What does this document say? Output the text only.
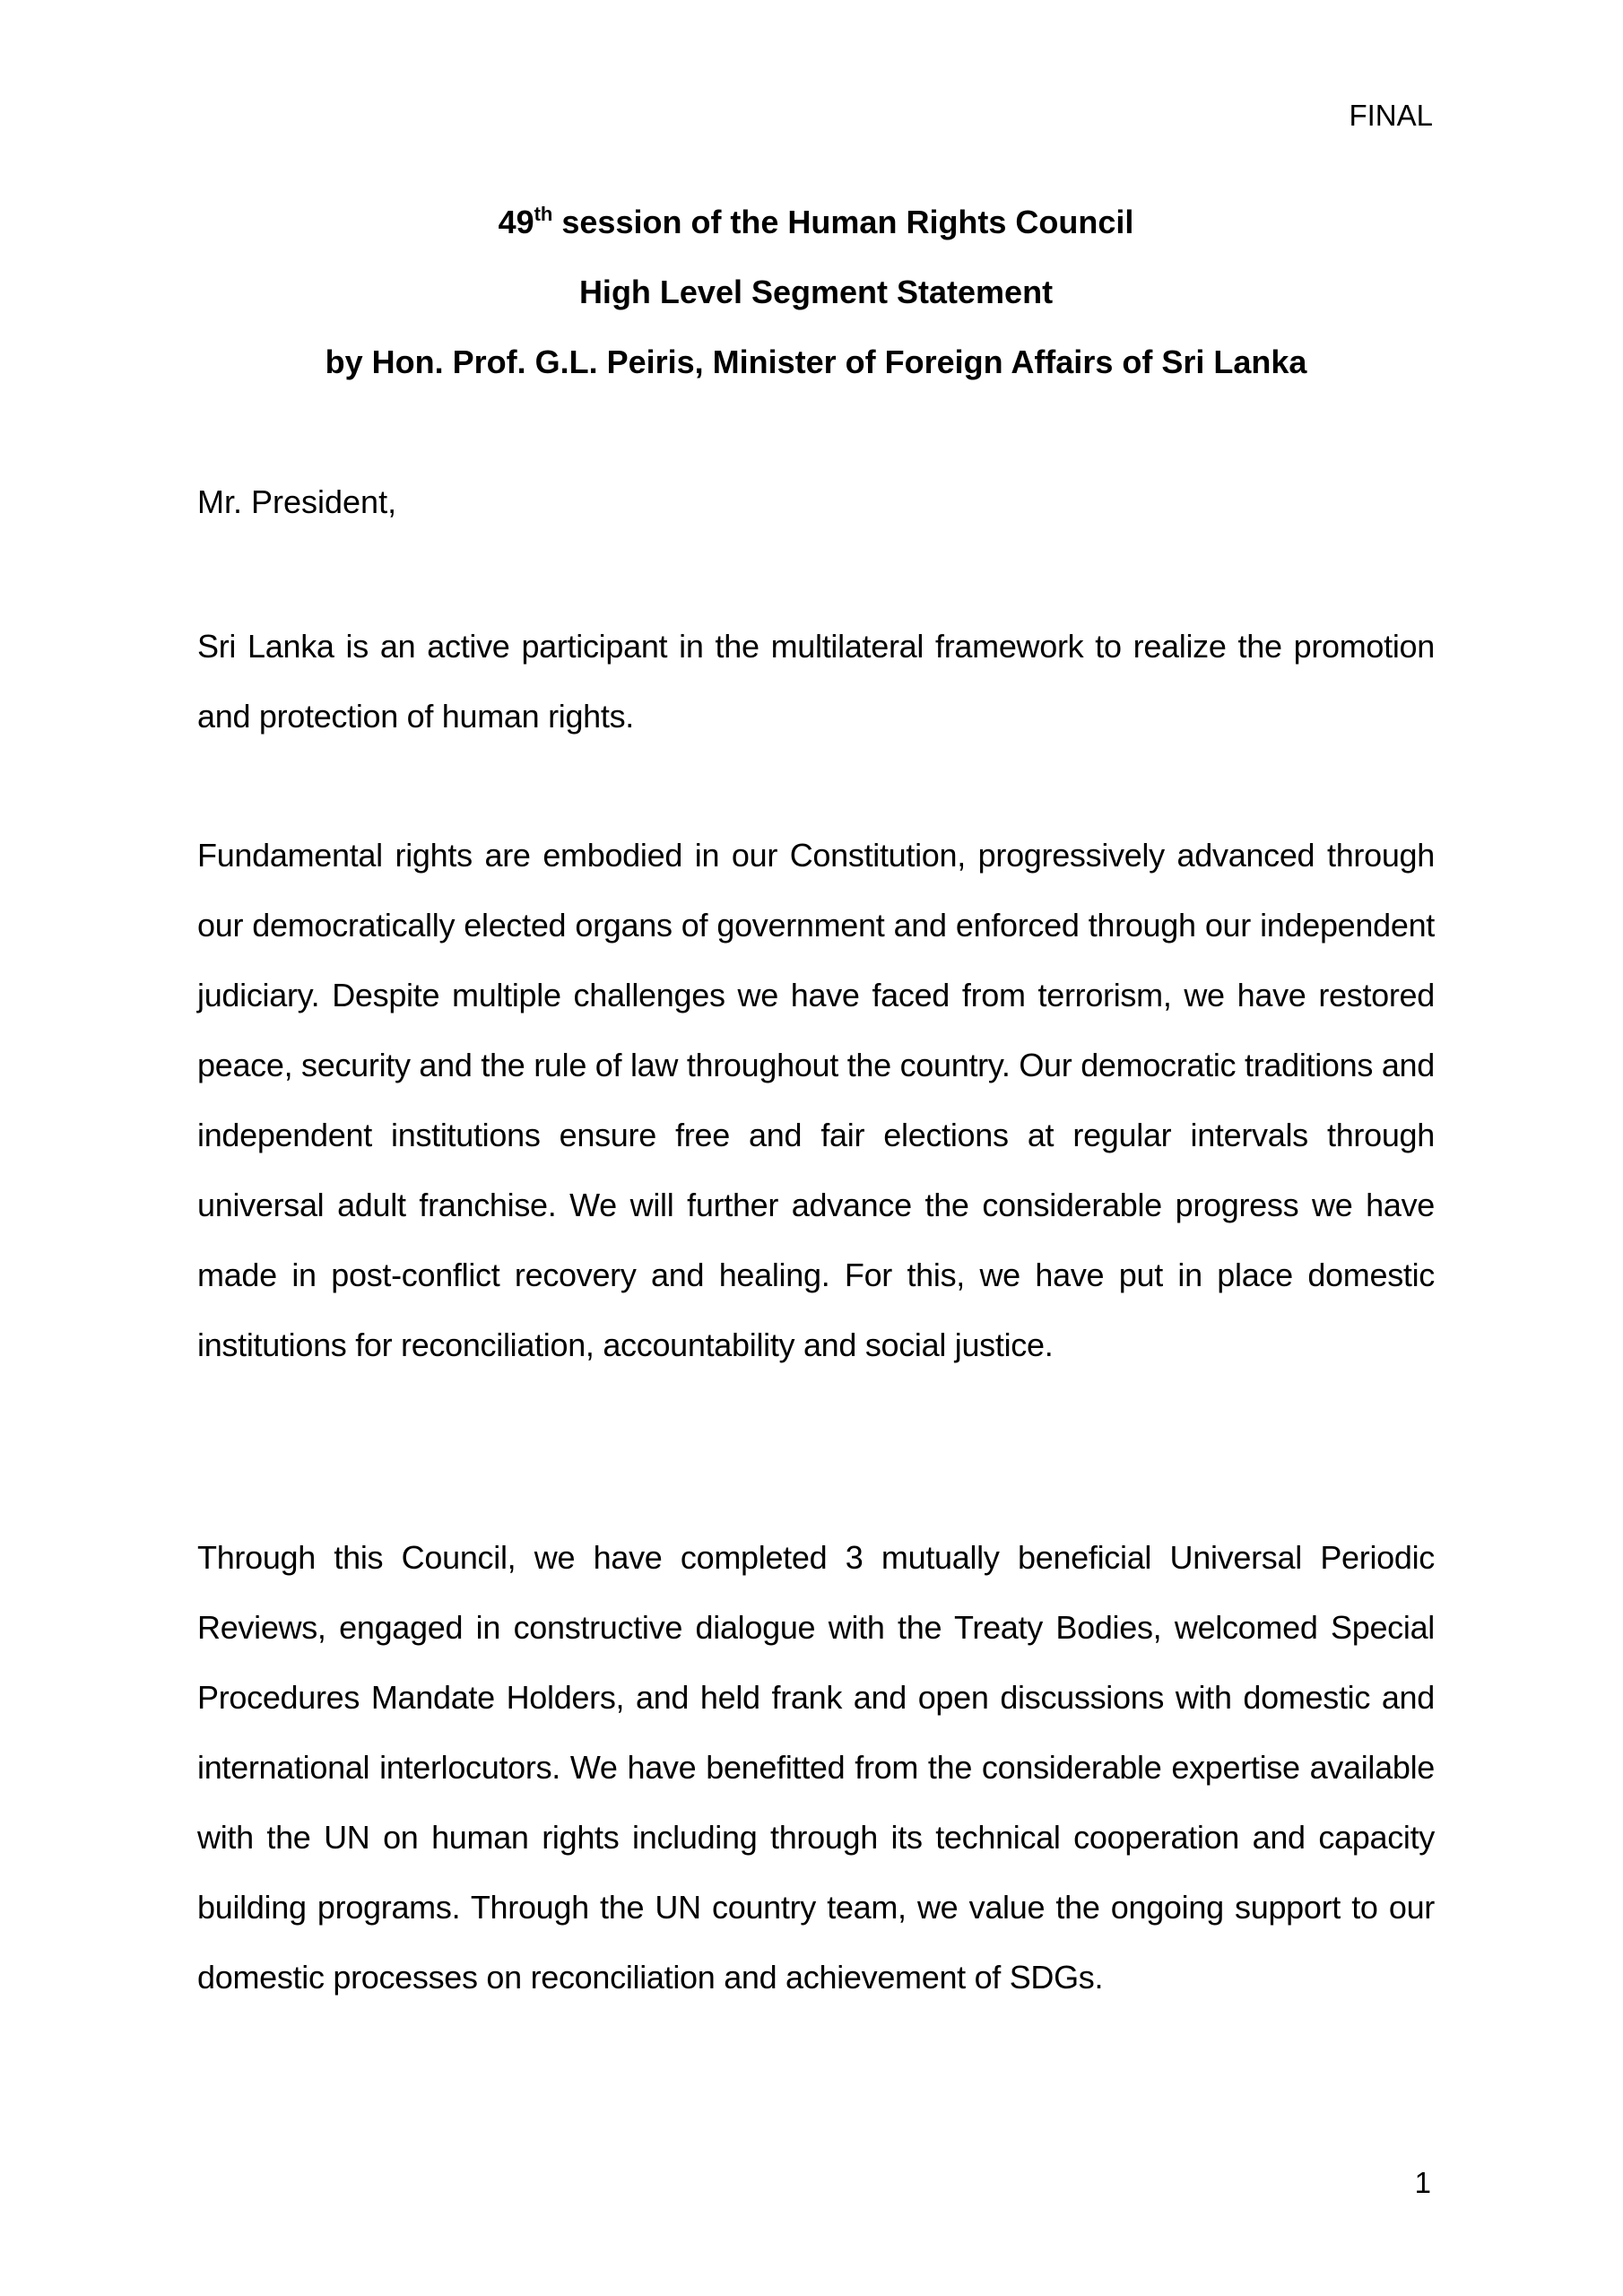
FINAL
49th session of the Human Rights Council
High Level Segment Statement
by Hon. Prof. G.L. Peiris, Minister of Foreign Affairs of Sri Lanka
Mr. President,

Sri Lanka is an active participant in the multilateral framework to realize the promotion and protection of human rights.

Fundamental rights are embodied in our Constitution, progressively advanced through our democratically elected organs of government and enforced through our independent judiciary. Despite multiple challenges we have faced from terrorism, we have restored peace, security and the rule of law throughout the country. Our democratic traditions and independent institutions ensure free and fair elections at regular intervals through universal adult franchise. We will further advance the considerable progress we have made in post-conflict recovery and healing. For this, we have put in place domestic institutions for reconciliation, accountability and social justice.

Through this Council, we have completed 3 mutually beneficial Universal Periodic Reviews, engaged in constructive dialogue with the Treaty Bodies, welcomed Special Procedures Mandate Holders, and held frank and open discussions with domestic and international interlocutors. We have benefitted from the considerable expertise available with the UN on human rights including through its technical cooperation and capacity building programs. Through the UN country team, we value the ongoing support to our domestic processes on reconciliation and achievement of SDGs.

1
